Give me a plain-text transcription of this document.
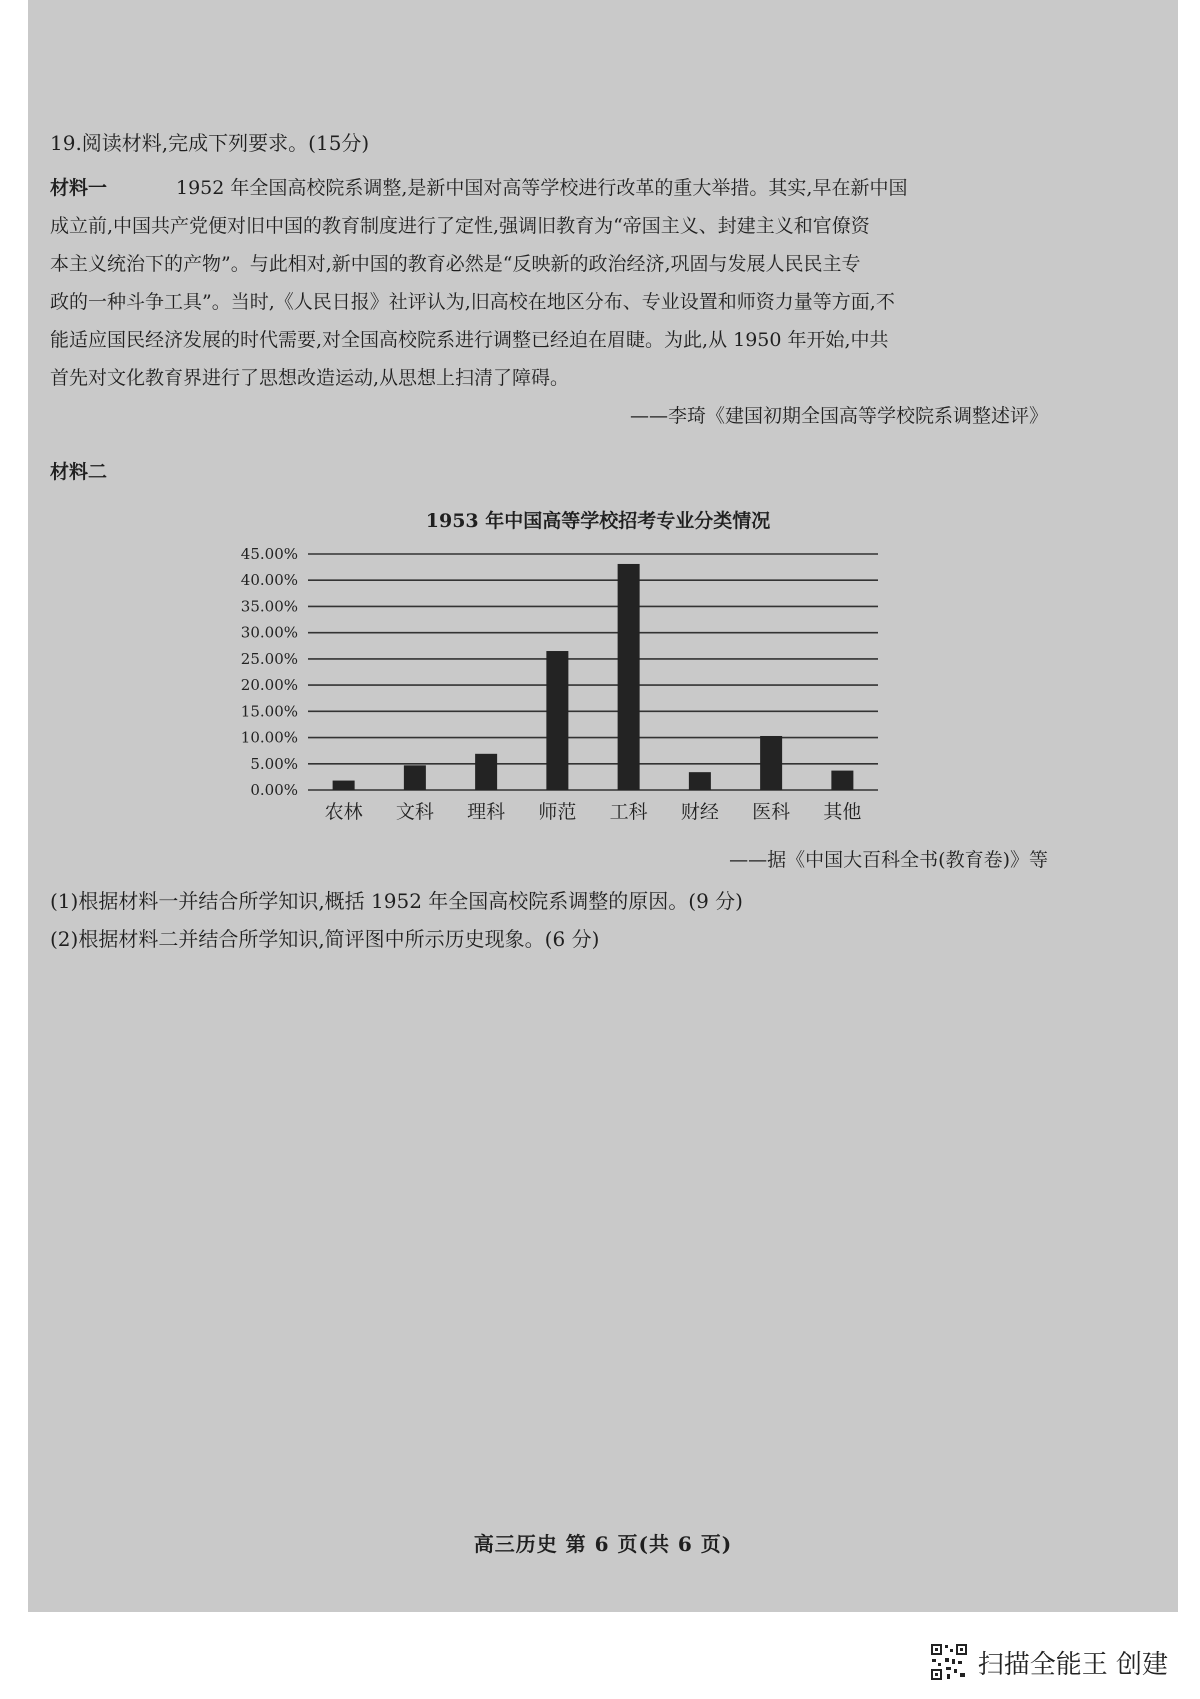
19.阅读材料,完成下列要求。(15分)
材料一	1952 年全国高校院系调整,是新中国对高等学校进行改革的重大举措。其实,早在新中国
成立前,中国共产党便对旧中国的教育制度进行了定性,强调旧教育为“帝国主义、封建主义和官僚资
本主义统治下的产物”。与此相对,新中国的教育必然是“反映新的政治经济,巩固与发展人民民主专
政的一种斗争工具”。当时,《人民日报》社评认为,旧高校在地区分布、专业设置和师资力量等方面,不
能适应国民经济发展的时代需要,对全国高校院系进行调整已经迫在眉睫。为此,从 1950 年开始,中共
首先对文化教育界进行了思想改造运动,从思想上扫清了障碍。
——李琦《建国初期全国高等学校院系调整述评》
材料二
1953 年中国高等学校招考专业分类情况
0.00%
5.00%
10.00%
15.00%
20.00%
25.00%
30.00%
35.00%
40.00%
45.00%
农林 文科 理科 师范 工科 财经 医科 其他
——据《中国大百科全书(教育卷)》等
(1)根据材料一并结合所学知识,概括 1952 年全国高校院系调整的原因。(9 分)
(2)根据材料二并结合所学知识,简评图中所示历史现象。(6 分)
高三历史 第 6 页(共 6 页)
扫描全能王 创建
